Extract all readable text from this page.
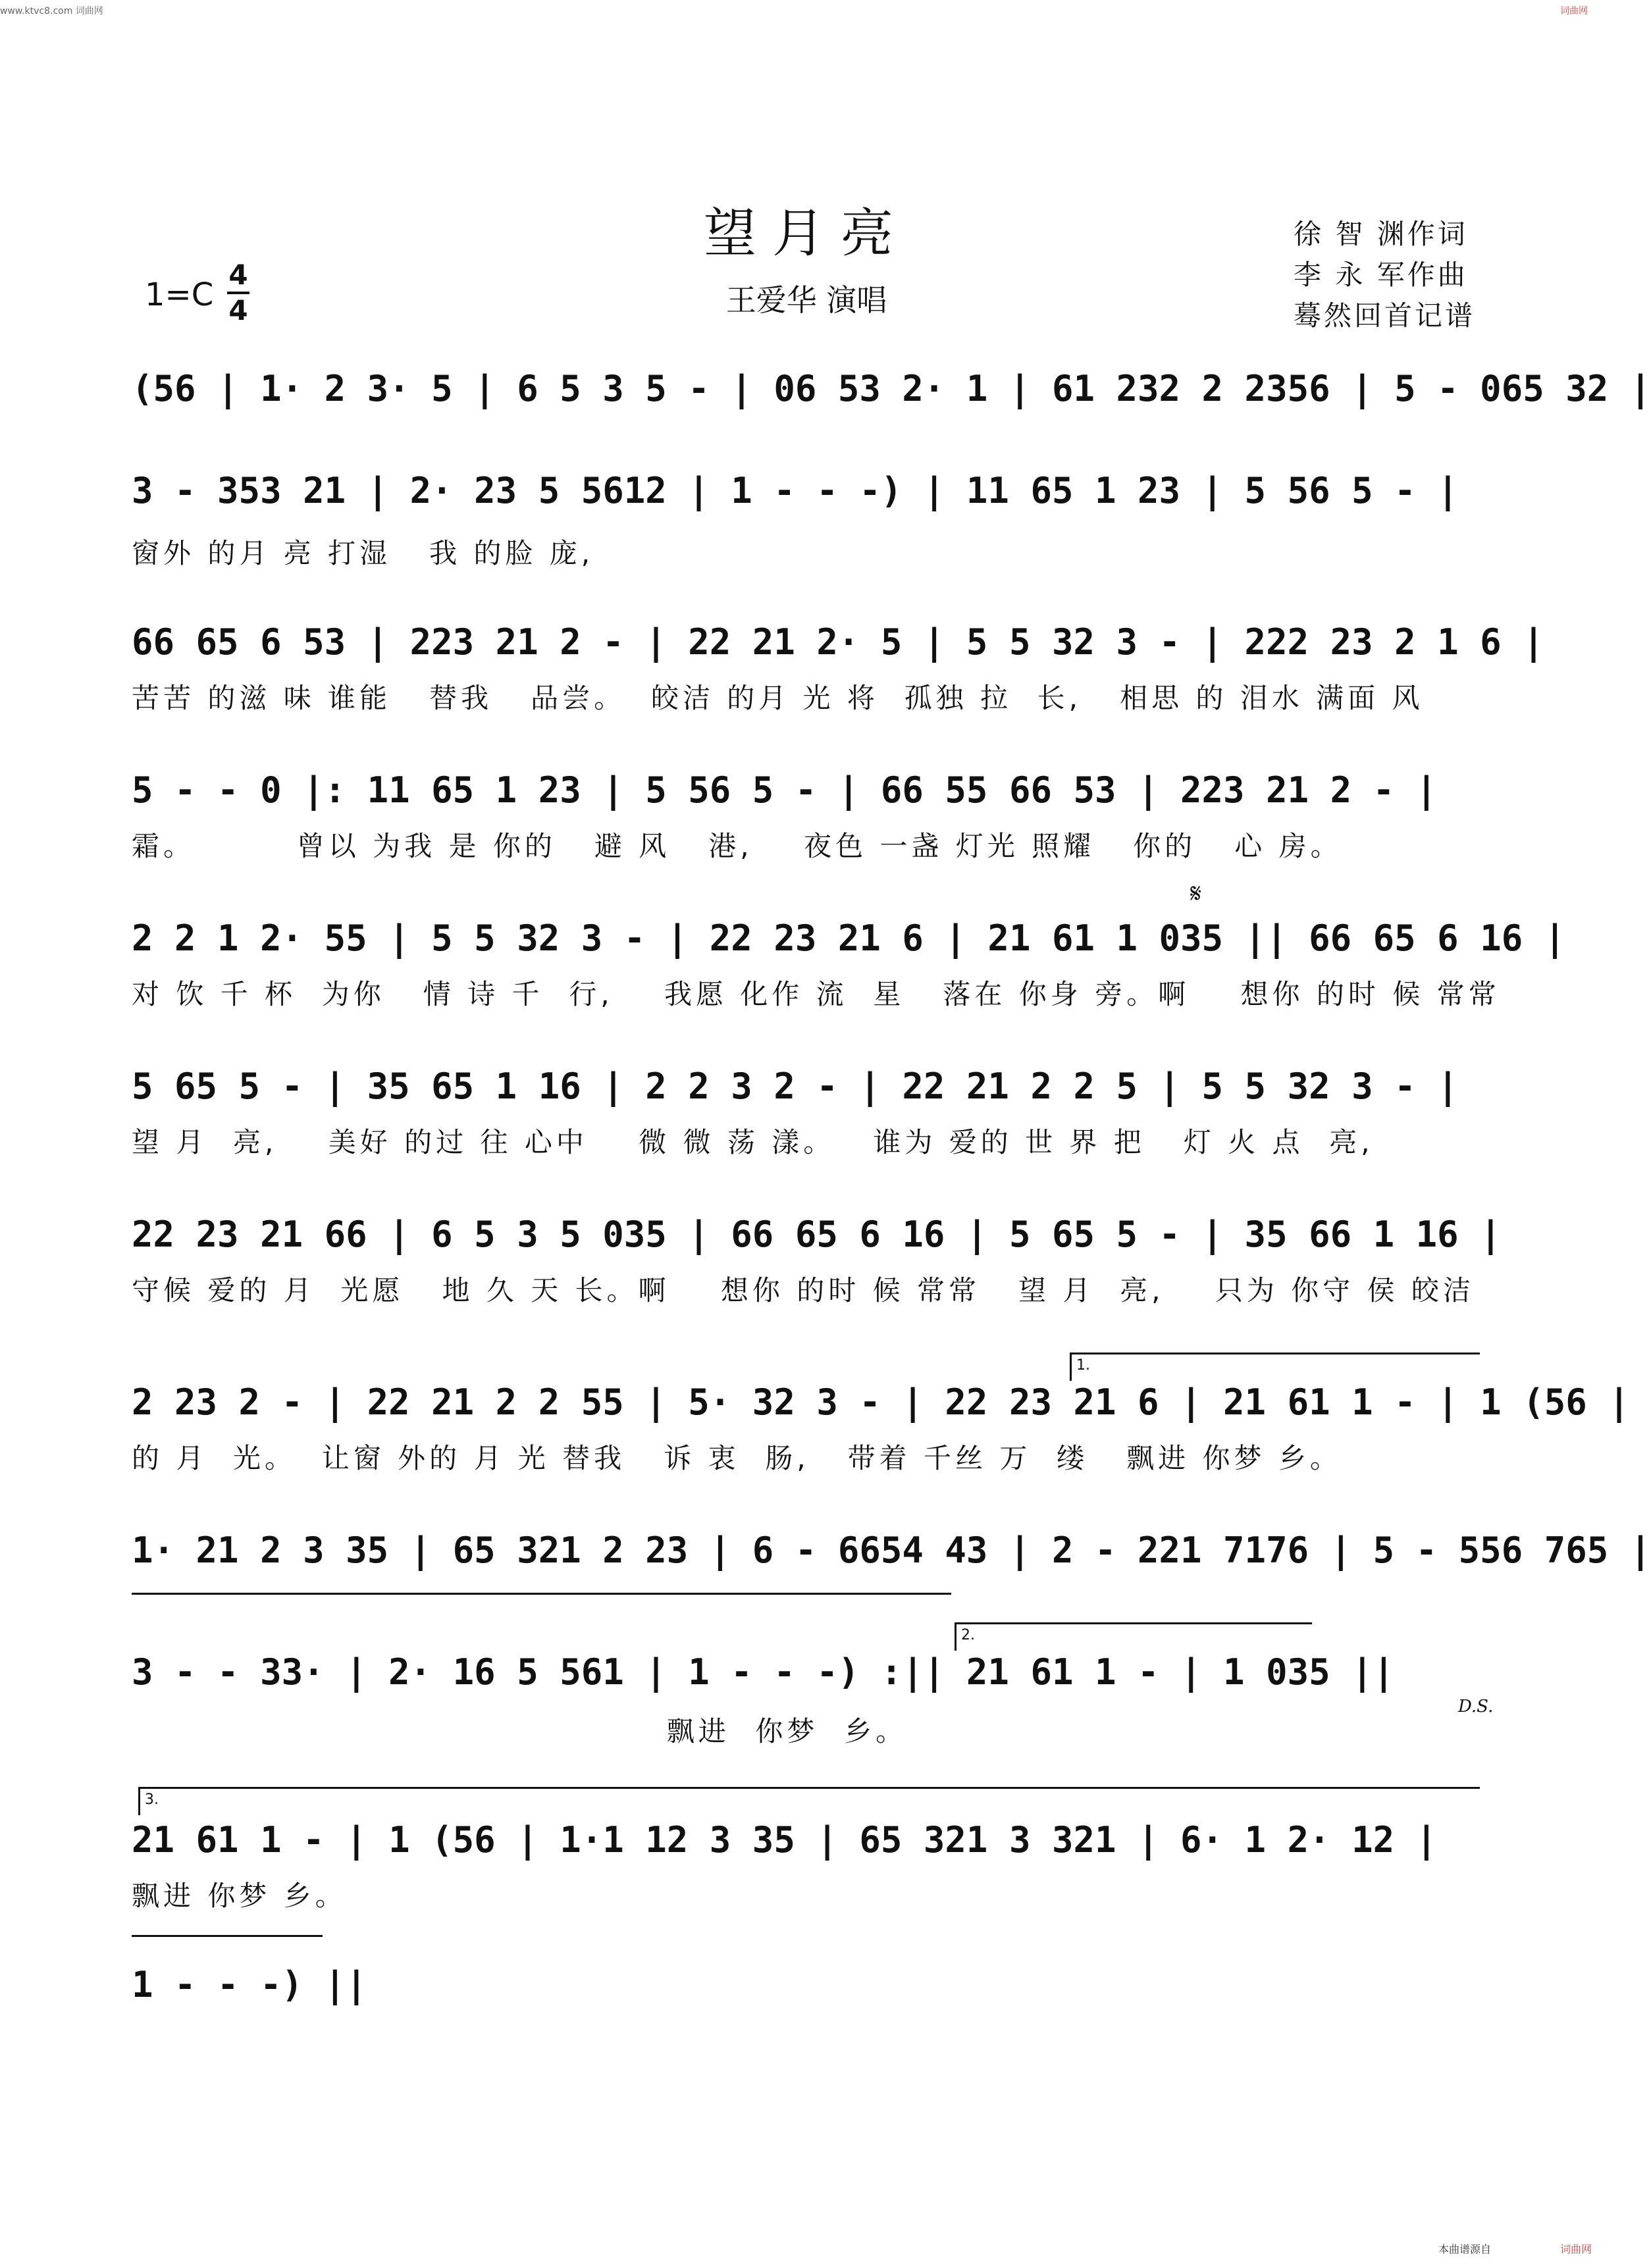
www.ktvc8.com 词曲网	词曲网
望月亮
王爱华 演唱
徐 智 渊作词
李 永 军作曲
蓦然回首记谱
1=C
4
4
(56 | 1· 2 3· 5 | 6 5 3 5 - | 06 53 2· 1 | 61 232 2 2356 | 5 - 065 32 |
3 - 353 21 | 2· 23 5 5612 | 1 - - -) | 11 65 1 23 | 5 56 5 - |
窗外 的月 亮 打湿   我 的脸 庞,
66 65 6 53 | 223 21 2 - | 22 21 2· 5 | 5 5 32 3 - | 222 23 2 1 6 |
苦苦 的滋 味 谁能   替我   品尝。  皎洁 的月 光 将  孤独 拉  长,   相思 的 泪水 满面 风
5 - - 0 |: 11 65 1 23 | 5 56 5 - | 66 55 66 53 | 223 21 2 - |
霜。        曾以 为我 是 你的   避 风   港,    夜色 一盏 灯光 照耀   你的   心 房。
𝄋
2 2 1 2· 55 | 5 5 32 3 - | 22 23 21 6 | 21 61 1 035 || 66 65 6 16 |
对 饮 千 杯  为你   情 诗 千  行,    我愿 化作 流  星   落在 你身 旁。啊    想你 的时 候 常常
5 65 5 - | 35 65 1 16 | 2 2 3 2 - | 22 21 2 2 5 | 5 5 32 3 - |
望 月  亮,    美好 的过 往 心中    微 微 荡 漾。   谁为 爱的 世 界 把   灯 火 点  亮,
22 23 21 66 | 6 5 3 5 035 | 66 65 6 16 | 5 65 5 - | 35 66 1 16 |
守候 爱的 月  光愿   地 久 天 长。啊    想你 的时 候 常常   望 月  亮,    只为 你守 侯 皎洁
1.
2 23 2 - | 22 21 2 2 55 | 5· 32 3 - | 22 23 21 6 | 21 61 1 - | 1 (56 |
的 月  光。  让窗 外的 月 光 替我   诉 衷  肠,   带着 千丝 万  缕   飘进 你梦 乡。
1· 21 2 3 35 | 65 321 2 23 | 6 - 6654 43 | 2 - 221 7176 | 5 - 556 765 |
2.
3 - - 33· | 2· 16 5 561 | 1 - - -) :|| 21 61 1 - | 1 035 ||
D.S.
飘进  你梦  乡。
3.
21 61 1 - | 1 (56 | 1·1 12 3 35 | 65 321 3 321 | 6· 1 2· 12 |
飘进 你梦 乡。
1 - - -) ||
本曲谱源自	词曲网
